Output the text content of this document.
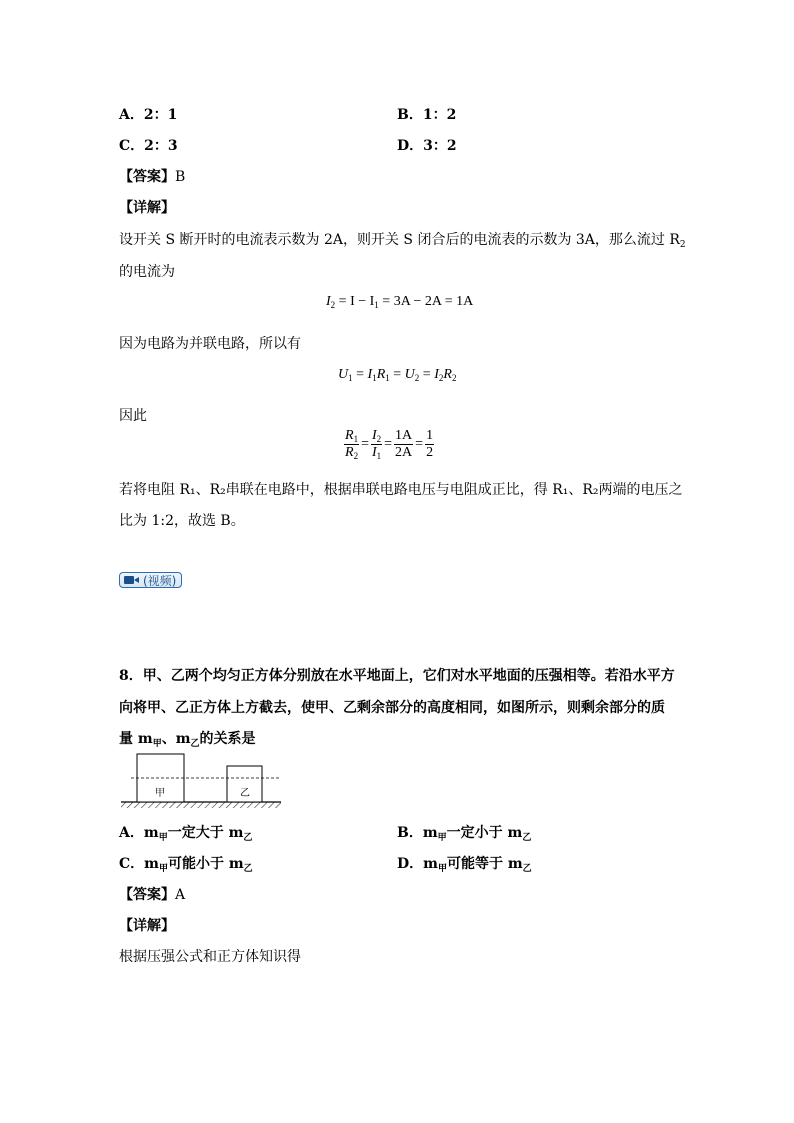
A．2：1	B．1：2
C．2：3	D．3：2
【答案】B
【详解】
设开关 S 断开时的电流表示数为 2A，则开关 S 闭合后的电流表的示数为 3A，那么流过 $R_2$
的电流为
$I_2 = I - I_1 = 3A - 2A = 1A$
因为电路为并联电路，所以有
$U_1 = I_1R_1 = U_2 = I_2R_2$
因此
$\frac{R_1}{R_2} = \frac{I_2}{I_1} = \frac{1A}{2A} = \frac{1}{2}$
若将电阻 R₁、R₂串联在电路中，根据串联电路电压与电阻成正比，得 R₁、R₂两端的电压之
比为 1:2，故选 B。
(视频)
8．甲、乙两个均匀正方体分别放在水平地面上，它们对水平地面的压强相等。若沿水平方
向将甲、乙正方体上方截去，使甲、乙剩余部分的高度相同，如图所示，则剩余部分的质
量 $m_甲$、$m_乙$的关系是
甲	乙
A．$m_甲$一定大于 $m_乙$	B．$m_甲$一定小于 $m_乙$
C．$m_甲$可能小于 $m_乙$	D．$m_甲$可能等于 $m_乙$
【答案】A
【详解】
根据压强公式和正方体知识得
